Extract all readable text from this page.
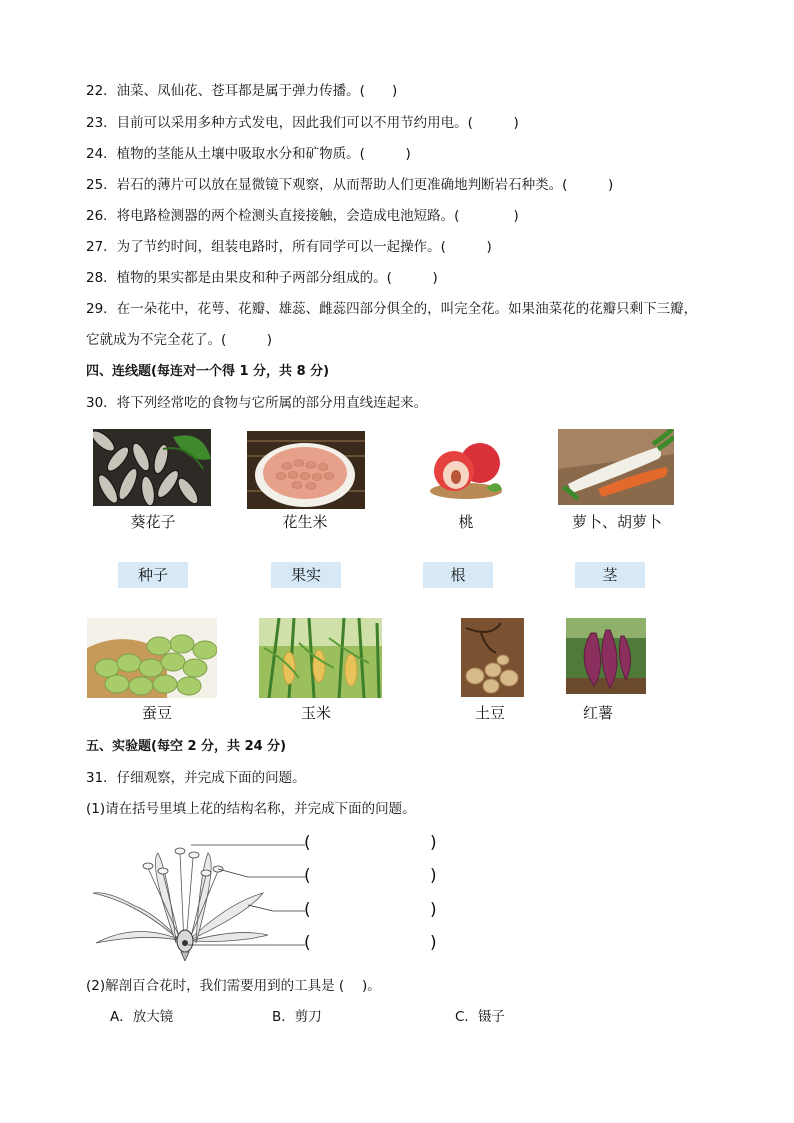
22．油菜、凤仙花、苍耳都是属于弹力传播。(　　)
23．目前可以采用多种方式发电，因此我们可以不用节约用电。(　　　)
24．植物的茎能从土壤中吸取水分和矿物质。(　　　)
25．岩石的薄片可以放在显微镜下观察，从而帮助人们更准确地判断岩石种类。(　　　)
26．将电路检测器的两个检测头直接接触，会造成电池短路。(　　　　)
27．为了节约时间，组装电路时，所有同学可以一起操作。(　　　)
28．植物的果实都是由果皮和种子两部分组成的。(　　　)
29．在一朵花中，花萼、花瓣、雄蕊、雌蕊四部分俱全的，叫完全花。如果油菜花的花瓣只剩下三瓣，
它就成为不完全花了。(　　　)
四、连线题(每连对一个得 1 分，共 8 分)
30．将下列经常吃的食物与它所属的部分用直线连起来。
葵花子	花生米	桃	萝卜、胡萝卜
种子	果实	根	茎
蚕豆	玉米	土豆	红薯
五、实验题(每空 2 分，共 24 分)
31．仔细观察，并完成下面的问题。
(1)请在括号里填上花的结构名称，并完成下面的问题。
(	)
(	)
(	)
(	)
(2)解剖百合花时，我们需要用到的工具是 (　 )。
A．放大镜	B．剪刀	C．镊子
